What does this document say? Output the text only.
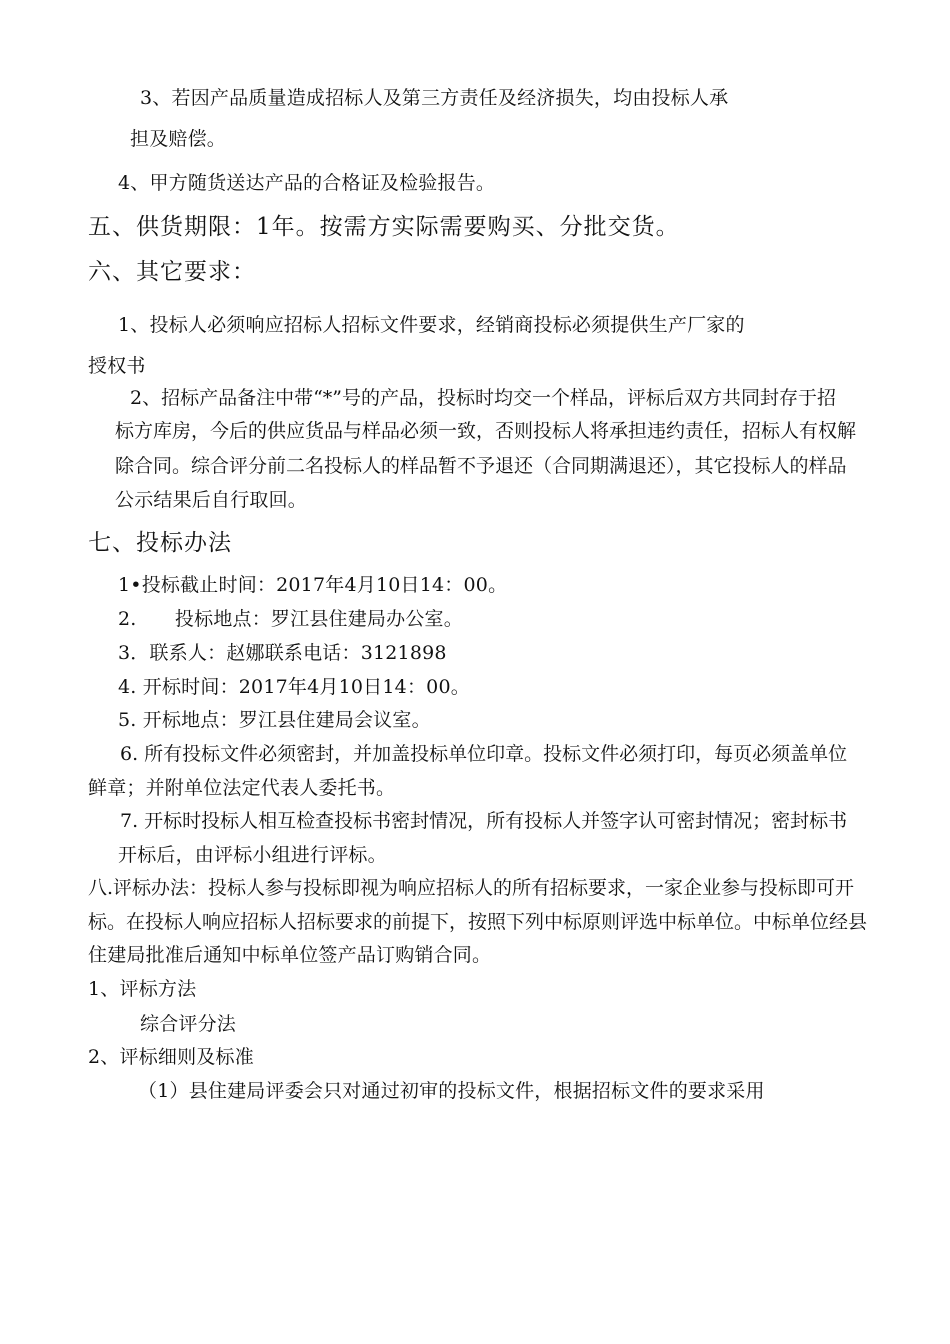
3、若因产品质量造成招标人及第三方责任及经济损失，均由投标人承
担及赔偿。
4、甲方随货送达产品的合格证及检验报告。
五、供货期限：1年。按需方实际需要购买、分批交货。
六、其它要求：
1、投标人必须响应招标人招标文件要求，经销商投标必须提供生产厂家的
授权书
2、招标产品备注中带“*”号的产品，投标时均交一个样品，评标后双方共同封存于招
标方库房，今后的供应货品与样品必须一致，否则投标人将承担违约责任，招标人有权解
除合同。综合评分前二名投标人的样品暂不予退还（合同期满退还），其它投标人的样品
公示结果后自行取回。
七、投标办法
1•投标截止时间：2017年4月10日14：00。
2.　　投标地点：罗江县住建局办公室。
3．联系人：赵娜联系电话：3121898
4. 开标时间：2017年4月10日14：00。
5. 开标地点：罗江县住建局会议室。
6. 所有投标文件必须密封，并加盖投标单位印章。投标文件必须打印，每页必须盖单位
鲜章；并附单位法定代表人委托书。
7. 开标时投标人相互检查投标书密封情况，所有投标人并签字认可密封情况；密封标书
开标后，由评标小组进行评标。
八.评标办法：投标人参与投标即视为响应招标人的所有招标要求，一家企业参与投标即可开
标。在投标人响应招标人招标要求的前提下，按照下列中标原则评选中标单位。中标单位经县
住建局批准后通知中标单位签产品订购销合同。
1、评标方法
综合评分法
2、评标细则及标准
（1）县住建局评委会只对通过初审的投标文件，根据招标文件的要求采用
